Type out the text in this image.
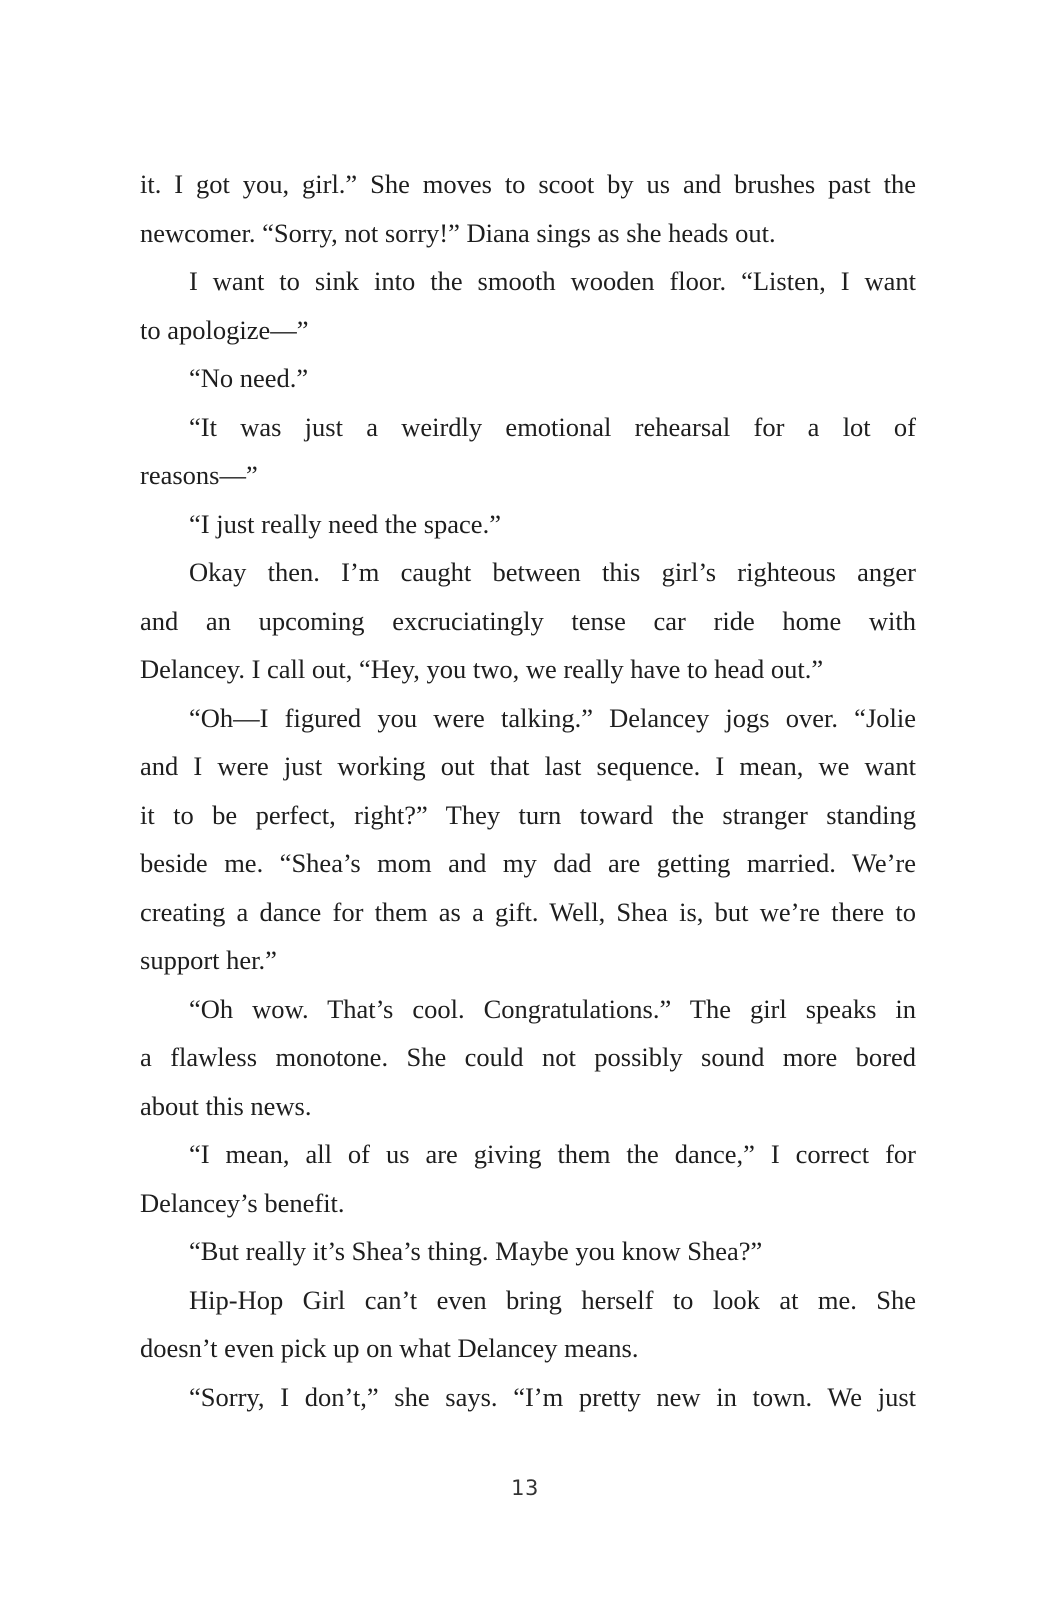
it. I got you, girl.” She moves to scoot by us and brushes past the
newcomer. “Sorry, not sorry!” Diana sings as she heads out.
I want to sink into the smooth wooden floor. “Listen, I want
to apologize—”
“No need.”
“It was just a weirdly emotional rehearsal for a lot of
reasons—”
“I just really need the space.”
Okay then. I’m caught between this girl’s righteous anger
and an upcoming excruciatingly tense car ride home with
Delancey. I call out, “Hey, you two, we really have to head out.”
“Oh—I figured you were talking.” Delancey jogs over. “Jolie
and I were just working out that last sequence. I mean, we want
it to be perfect, right?” They turn toward the stranger standing
beside me. “Shea’s mom and my dad are getting married. We’re
creating a dance for them as a gift. Well, Shea is, but we’re there to
support her.”
“Oh wow. That’s cool. Congratulations.” The girl speaks in
a flawless monotone. She could not possibly sound more bored
about this news.
“I mean, all of us are giving them the dance,” I correct for
Delancey’s benefit.
“But really it’s Shea’s thing. Maybe you know Shea?”
Hip-Hop Girl can’t even bring herself to look at me. She
doesn’t even pick up on what Delancey means.
“Sorry, I don’t,” she says. “I’m pretty new in town. We just
13
